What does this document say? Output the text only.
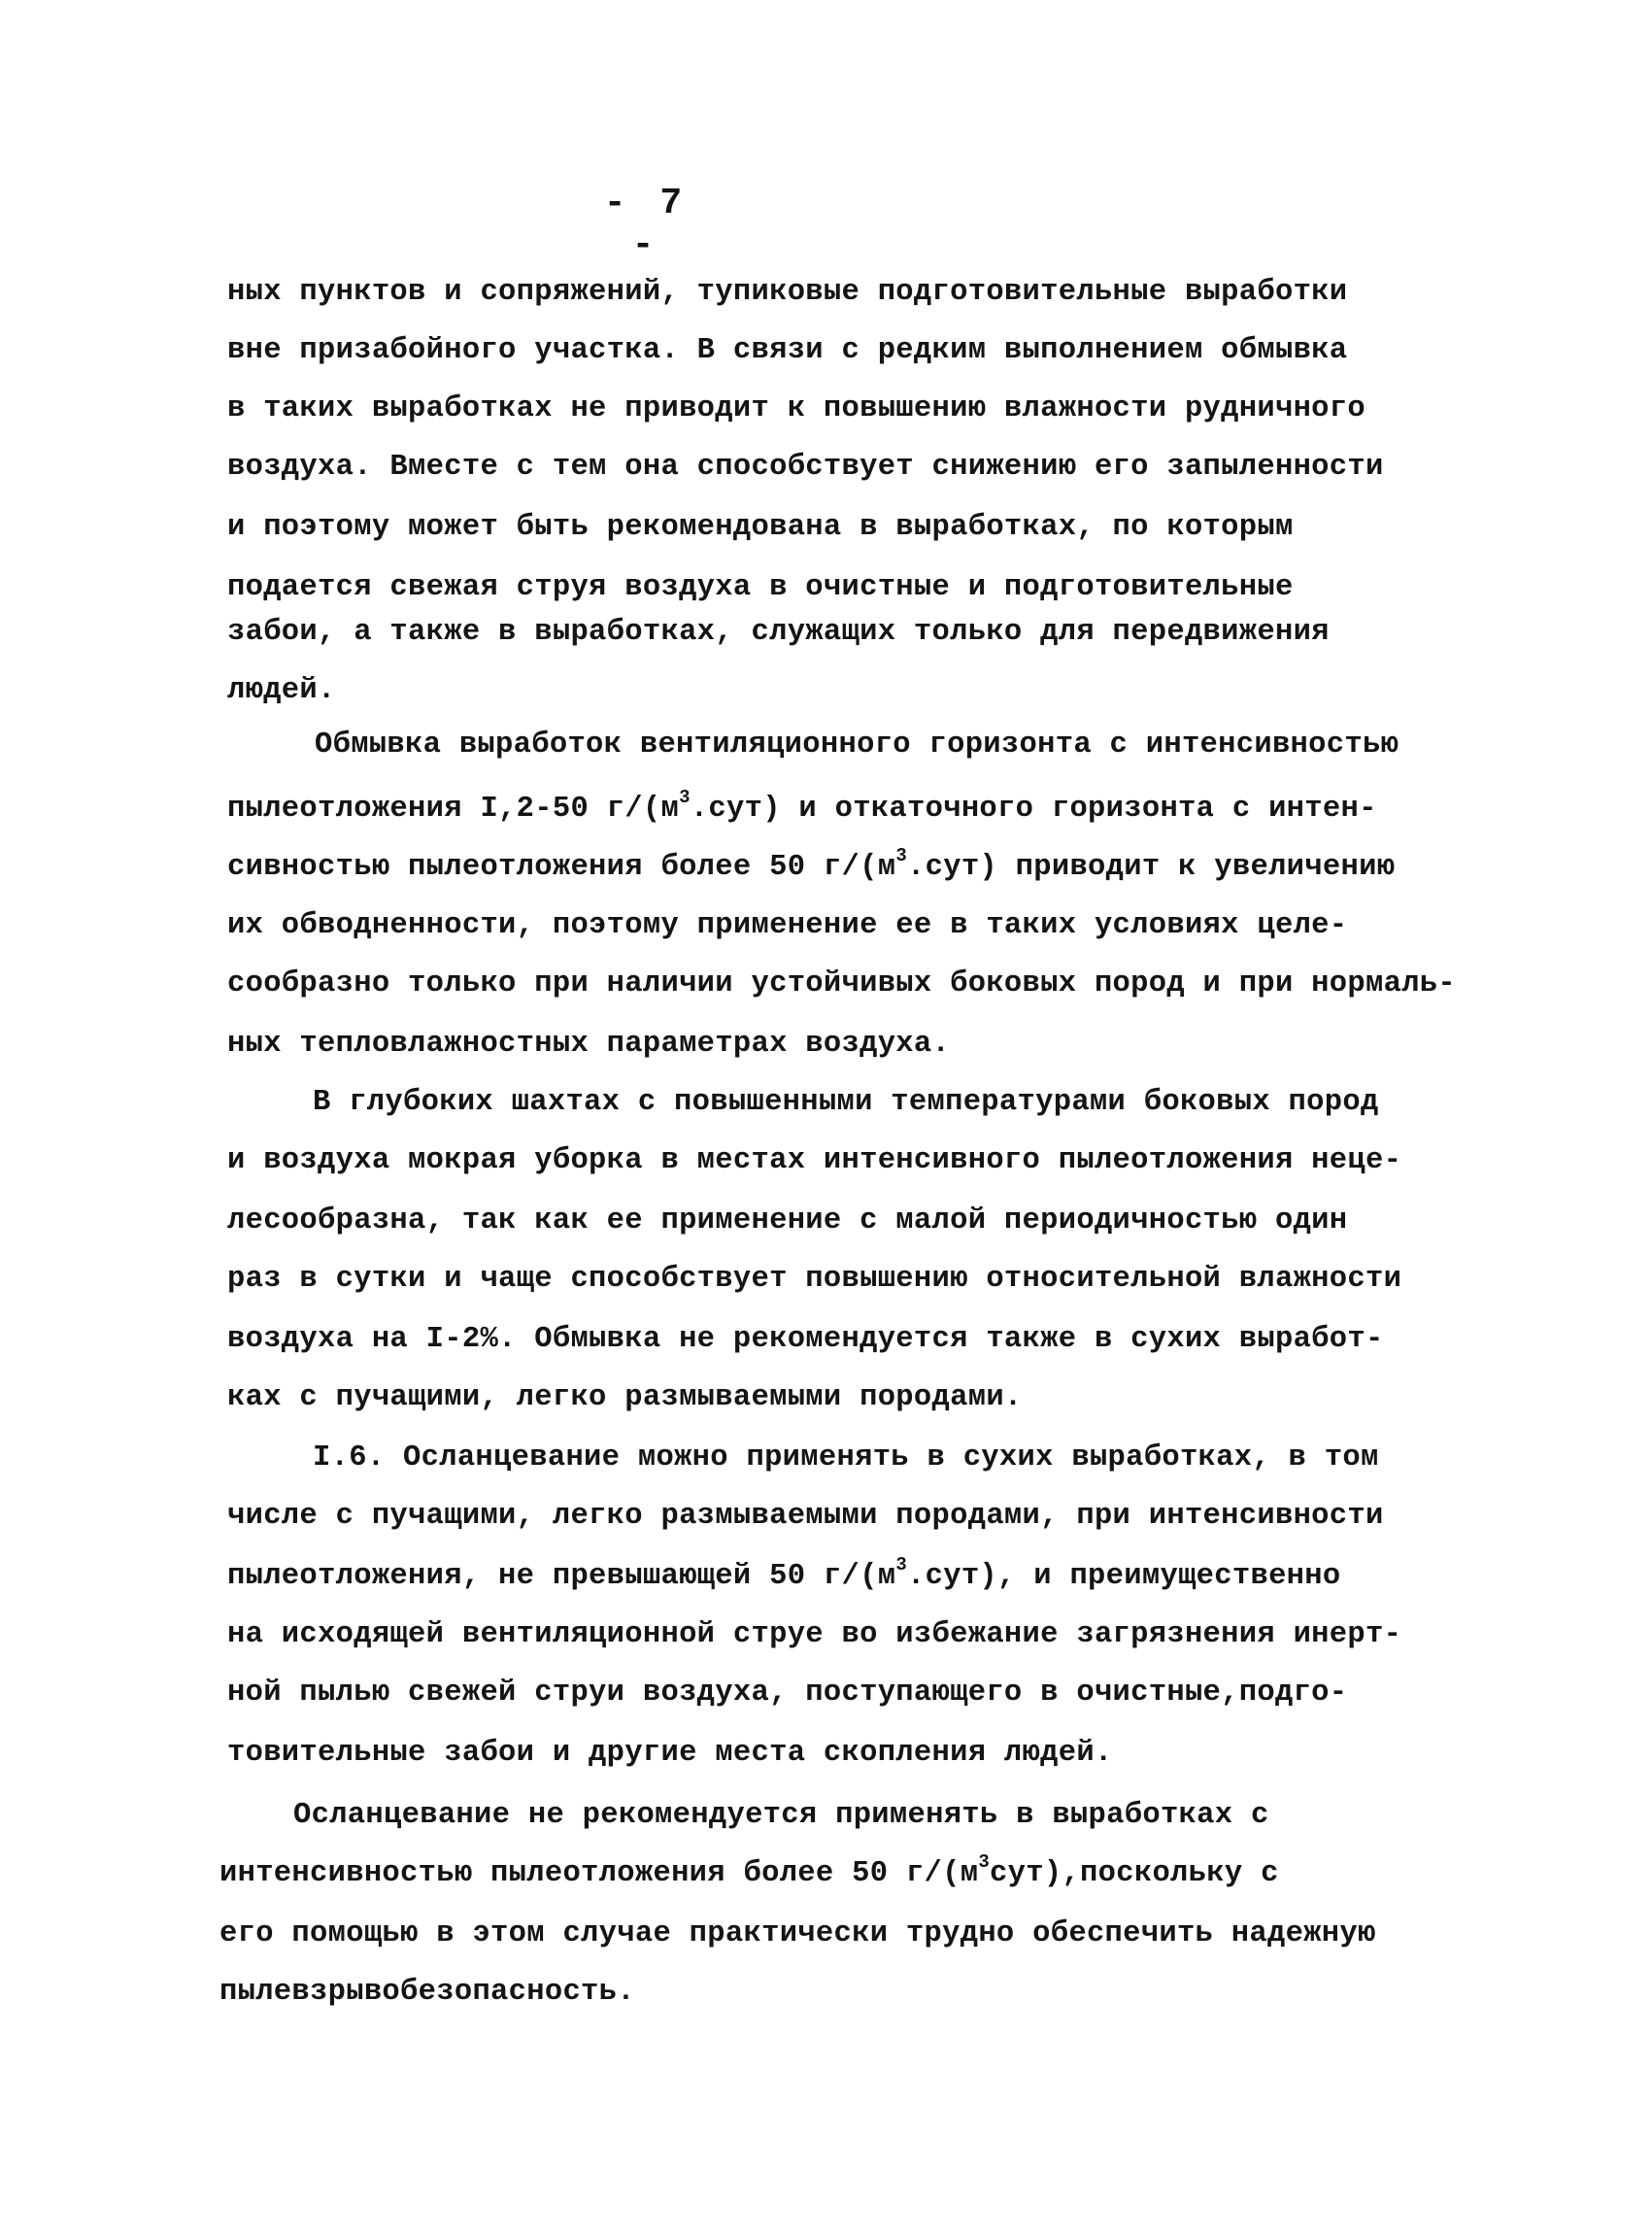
- 7 -
ных пунктов и сопряжений, тупиковые подготовительные выработки
вне призабойного участка. В связи с редким выполнением обмывка
в таких выработках не приводит к повышению влажности рудничного
воздуха. Вместе с тем она способствует снижению его запыленности
и поэтому может быть рекомендована в выработках, по которым
подается свежая струя воздуха в очистные и подготовительные
забои, а также в выработках, служащих только для передвижения
людей.
Обмывка выработок вентиляционного горизонта с интенсивностью
пылеотложения I,2-50 $г/(м^3.сут)$ и откаточного горизонта с интен-
сивностью пылеотложения более 50 $г/(м^3.сут)$ приводит к увеличению
их обводненности, поэтому применение ее в таких условиях целе-
сообразно только при наличии устойчивых боковых пород и при нормаль-
ных тепловлажностных параметрах воздуха.
В глубоких шахтах с повышенными температурами боковых пород
и воздуха мокрая уборка в местах интенсивного пылеотложения неце-
лесообразна, так как ее применение с малой периодичностью один
раз в сутки и чаще способствует повышению относительной влажности
воздуха на I-2%. Обмывка не рекомендуется также в сухих выработ-
ках с пучащими, легко размываемыми породами.
I.6. Осланцевание можно применять в сухих выработках, в том
числе с пучащими, легко размываемыми породами, при интенсивности
пылеотложения, не превышающей 50 $г/(м^3.сут)$, и преимущественно
на исходящей вентиляционной струе во избежание загрязнения инерт-
ной пылью свежей струи воздуха, поступающего в очистные,подго-
товительные забои и другие места скопления людей.
Осланцевание не рекомендуется применять в выработках с
интенсивностью пылеотложения более 50 $г/(м^3сут),поскольку$ с
его помощью в этом случае практически трудно обеспечить надежную
пылевзрывобезопасность.
